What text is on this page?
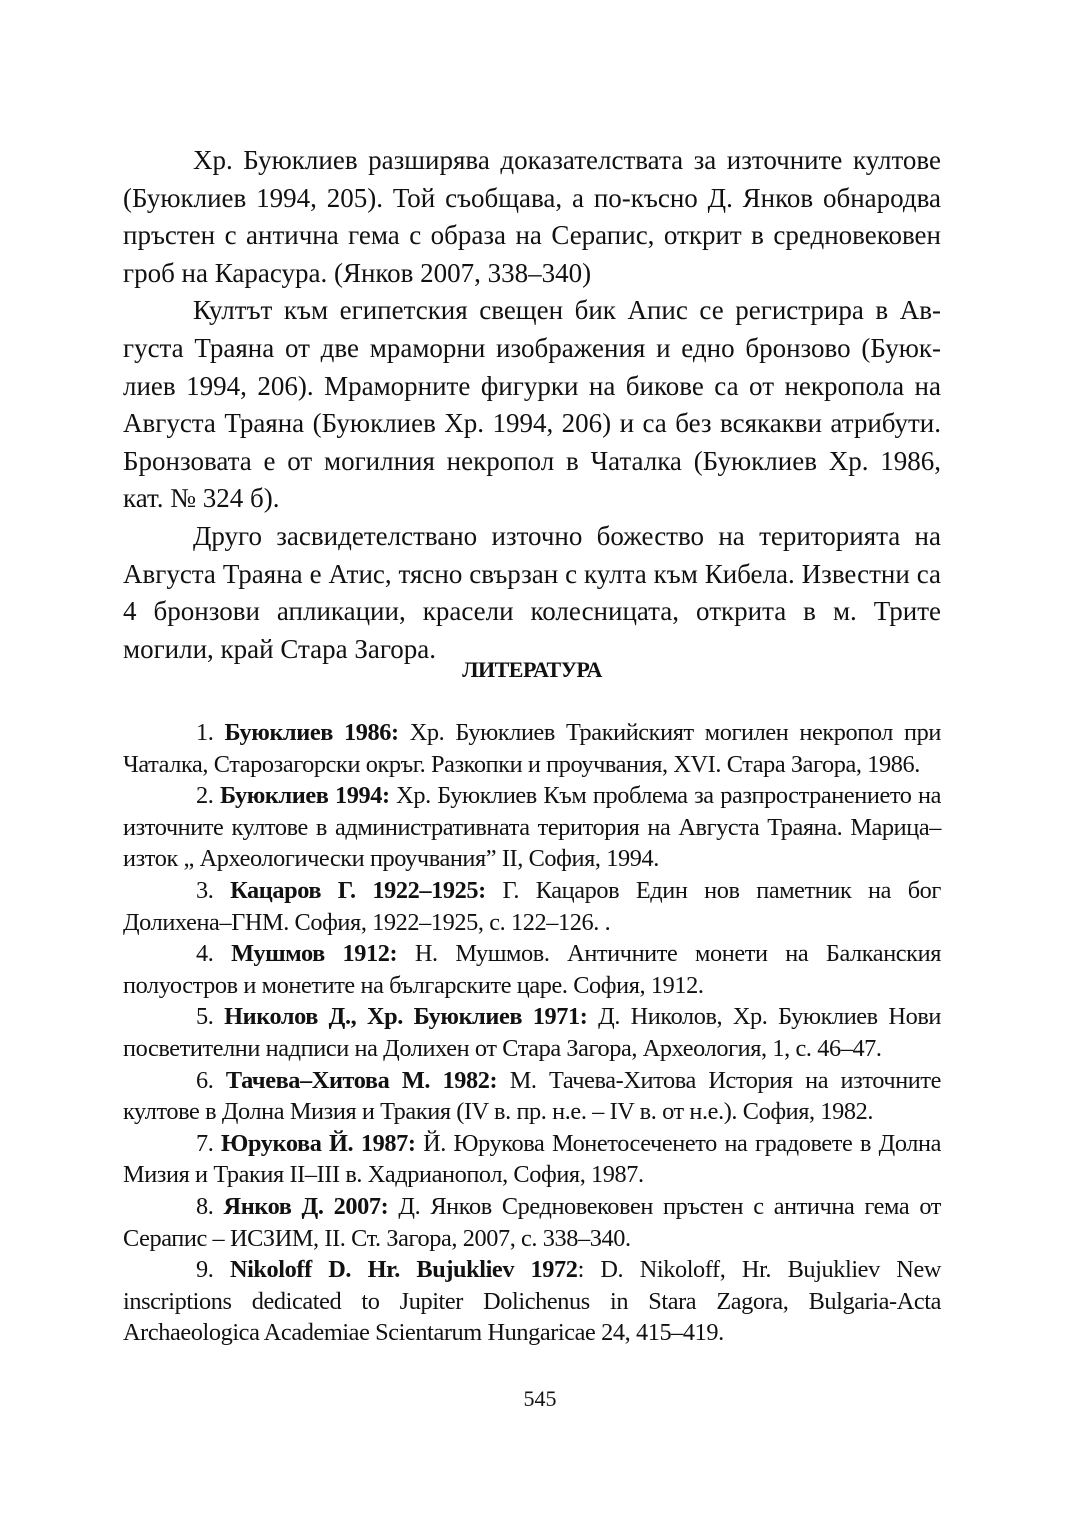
Хр. Буюклиев разширява доказателствата за източните култове (Буюклиев 1994, 205). Той съобщава, а по-късно Д. Янков обнародва пръстен с антична гема с образа на Серапис, открит в средновековен гроб на Карасура. (Янков 2007, 338–340)

Култът към египетския свещен бик Апис се регистрира в Августа Траяна от две мраморни изображения и едно бронзово (Буюклиев 1994, 206). Мраморните фигурки на бикове са от некропола на Августа Траяна (Буюклиев Хр. 1994, 206) и са без всякакви атрибути. Бронзовата е от могилния некропол в Чаталка (Буюклиев Хр. 1986, кат. № 324 б).

Друго засвидетелствано източно божество на територията на Августа Траяна е Атис, тясно свързан с култа към Кибела. Известни са 4 бронзови апликации, красели колесницата, открита в м. Трите могили, край Стара Загора.

ЛИТЕРАТУРА

1. Буюклиев 1986: Хр. Буюклиев Тракийският могилен некропол при Чаталка, Старозагорски окръг. Разкопки и проучвания, XVI. Стара Загора, 1986.

2. Буюклиев 1994: Хр. Буюклиев Към проблема за разпространението на източните култове в административната територия на Августа Траяна. Марица–изток „ Археологически проучвания” II, София, 1994.

3. Кацаров Г. 1922–1925: Г. Кацаров Един нов паметник на бог Долихена–ГНМ. София, 1922–1925, с. 122–126. .

4. Мушмов 1912: Н. Мушмов. Античните монети на Балканския полуостров и монетите на българските царе. София, 1912.

5. Николов Д., Хр. Буюклиев 1971: Д. Николов, Хр. Буюклиев Нови посветителни надписи на Долихен от Стара Загора, Археология, 1, с. 46–47.

6. Тачева–Хитова М. 1982: М. Тачева-Хитова История на източните култове в Долна Мизия и Тракия (IV в. пр. н.е. – IV в. от н.е.). София, 1982.

7. Юрукова Й. 1987: Й. Юрукова Монетосеченето на градовете в Долна Мизия и Тракия II–III в. Хадрианопол, София, 1987.

8. Янков Д. 2007: Д. Янков Средновековен пръстен с антична гема от Серапис – ИСЗИМ, II. Ст. Загора, 2007, с. 338–340.

9. Nikoloff D. Hr. Bujukliev 1972: D. Nikoloff, Hr. Bujukliev New inscriptions dedicated to Jupiter Dolichenus in Stara Zagora, Bulgaria-Acta Archaeologica Academiae Scientarum Hungaricae 24, 415–419.

545
